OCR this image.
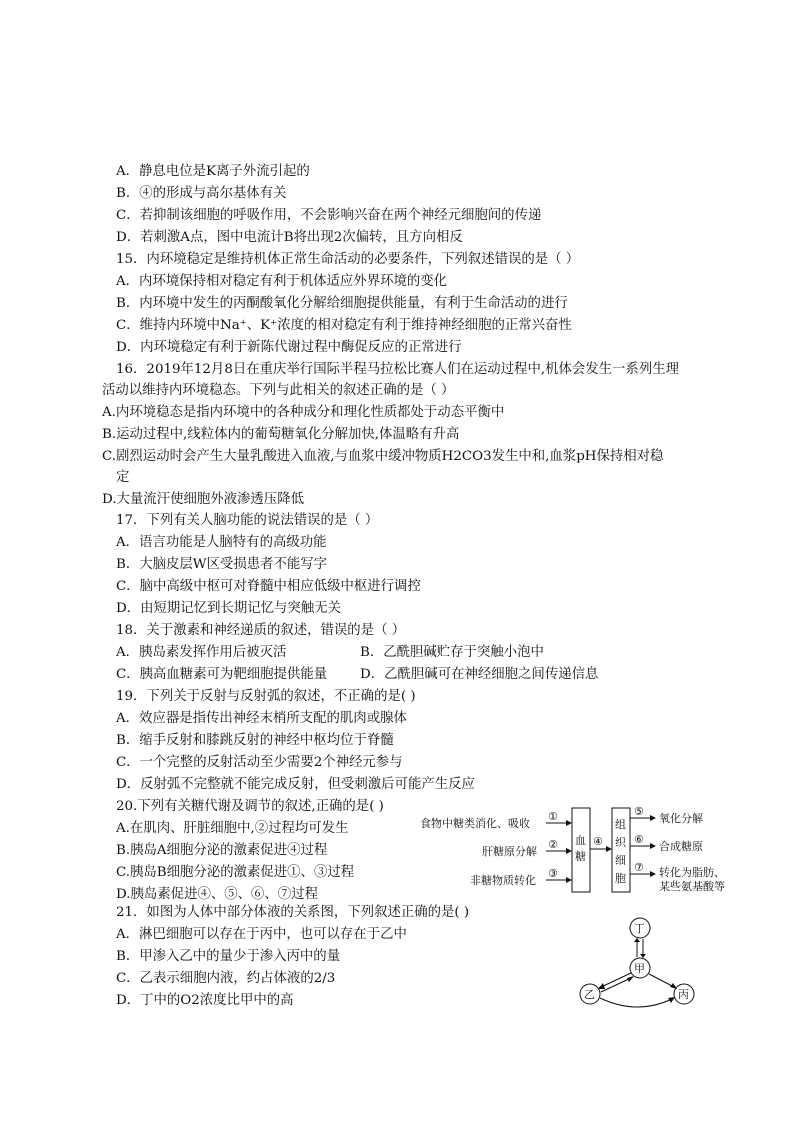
A．静息电位是K离子外流引起的
B．④的形成与高尔基体有关
C．若抑制该细胞的呼吸作用，不会影响兴奋在两个神经元细胞间的传递
D．若刺激A点，图中电流计B将出现2次偏转，且方向相反
15．内环境稳定是维持机体正常生命活动的必要条件，下列叙述错误的是（ ）
A．内环境保持相对稳定有利于机体适应外界环境的变化
B．内环境中发生的丙酮酸氧化分解给细胞提供能量，有利于生命活动的进行
C．维持内环境中Na⁺、K⁺浓度的相对稳定有利于维持神经细胞的正常兴奋性
D．内环境稳定有利于新陈代谢过程中酶促反应的正常进行
16．2019年12月8日在重庆举行国际半程马拉松比赛人们在运动过程中,机体会发生一系列生理
活动以维持内环境稳态。下列与此相关的叙述正确的是（ ）
A.内环境稳态是指内环境中的各种成分和理化性质都处于动态平衡中
B.运动过程中,线粒体内的葡萄糖氧化分解加快,体温略有升高
C.剧烈运动时会产生大量乳酸进入血液,与血浆中缓冲物质H2CO3发生中和,血浆pH保持相对稳
定
D.大量流汗使细胞外液渗透压降低
17．下列有关人脑功能的说法错误的是（ ）
A．语言功能是人脑特有的高级功能
B．大脑皮层W区受损患者不能写字
C．脑中高级中枢可对脊髓中相应低级中枢进行调控
D．由短期记忆到长期记忆与突触无关
18．关于激素和神经递质的叙述，错误的是（ ）
A．胰岛素发挥作用后被灭活	B．乙酰胆碱贮存于突触小泡中
C．胰高血糖素可为靶细胞提供能量 D．乙酰胆碱可在神经细胞之间传递信息
19．下列关于反射与反射弧的叙述，不正确的是( )
A．效应器是指传出神经末梢所支配的肌肉或腺体
B．缩手反射和膝跳反射的神经中枢均位于脊髓
C．一个完整的反射活动至少需要2个神经元参与
D．反射弧不完整就不能完成反射，但受刺激后可能产生反应
20.下列有关糖代谢及调节的叙述,正确的是( )
A.在肌肉、肝脏细胞中,②过程均可发生
B.胰岛A细胞分泌的激素促进④过程
C.胰岛B细胞分泌的激素促进①、③过程
D.胰岛素促进④、⑤、⑥、⑦过程
食物中糖类消化、吸收
肝糖原分解
非糖物质转化
①
②
③
血
糖
④
组
织
细
胞
⑤
⑥
⑦
氧化分解
合成糖原
转化为脂肪、
某些氨基酸等
21．如图为人体中部分体液的关系图，下列叙述正确的是( )
A．淋巴细胞可以存在于丙中，也可以存在于乙中
B．甲渗入乙中的量少于渗入丙中的量
C．乙表示细胞内液，约占体液的2/3
D．丁中的O2浓度比甲中的高
丁
甲
乙	丙
